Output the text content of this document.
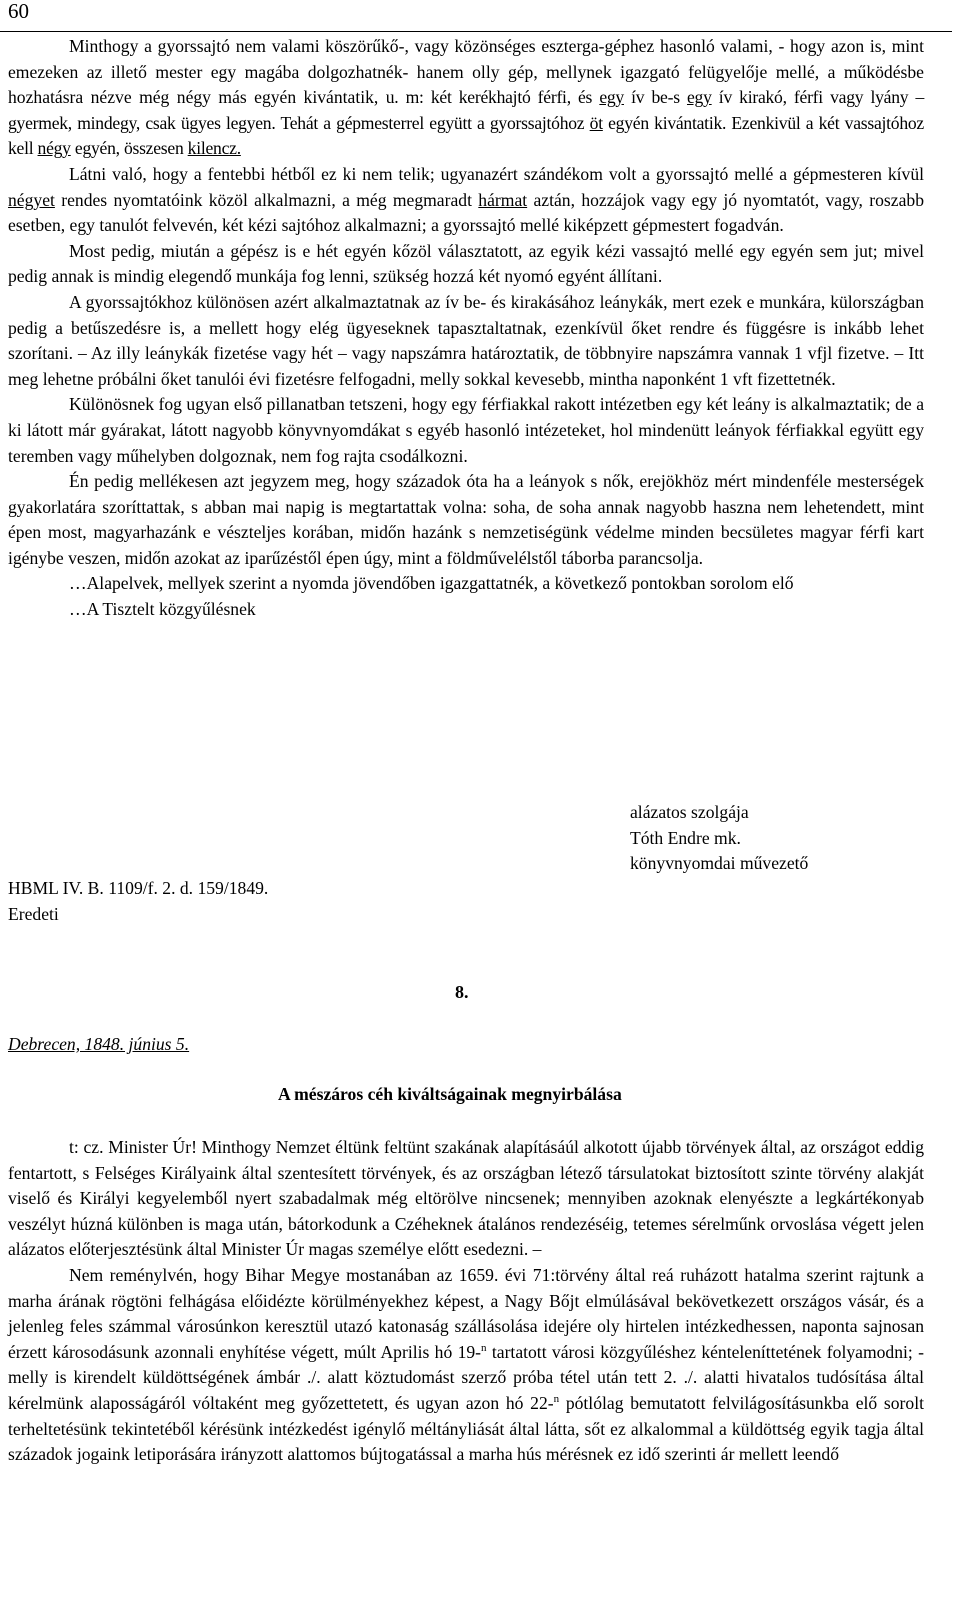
60

Minthogy a gyorssajtó nem valami köszörűkő-, vagy közönséges eszterga-géphez hasonló valami, - hogy azon is, mint emezeken az illető mester egy magába dolgozhatnék- hanem olly gép, mellynek igazgató felügyelője mellé, a működésbe hozhatásra nézve még négy más egyén kivántatik, u. m: két kerékhajtó férfi, és egy ív be-s egy ív kirakó, férfi vagy lyány – gyermek, mindegy, csak ügyes legyen. Tehát a gépmesterrel együtt a gyorssajtóhoz öt egyén kivántatik. Ezenkivül a két vassajtóhoz kell négy egyén, összesen kilencz.

Látni való, hogy a fentebbi hétből ez ki nem telik; ugyanazért szándékom volt a gyorssajtó mellé a gépmesteren kívül négyet rendes nyomtatóink közöl alkalmazni, a még megmaradt hármat aztán, hozzájok vagy egy jó nyomtatót, vagy, roszabb esetben, egy tanulót felvevén, két kézi sajtóhoz alkalmazni; a gyorssajtó mellé kiképzett gépmestert fogadván.

Most pedig, miután a gépész is e hét egyén kőzöl választatott, az egyik kézi vassajtó mellé egy egyén sem jut; mivel pedig annak is mindig elegendő munkája fog lenni, szükség hozzá két nyomó egyént állítani.

A gyorssajtókhoz különösen azért alkalmaztatnak az ív be- és kirakásához leánykák, mert ezek e munkára, külországban pedig a betűszedésre is, a mellett hogy elég ügyeseknek tapasztaltatnak, ezenkívül őket rendre és függésre is inkább lehet szorítani. – Az illy leánykák fizetése vagy hét – vagy napszámra határoztatik, de többnyire napszámra vannak 1 vfjl fizetve. – Itt meg lehetne próbálni őket tanulói évi fizetésre felfogadni, melly sokkal kevesebb, mintha naponként 1 vft fizettetnék.

Különösnek fog ugyan első pillanatban tetszeni, hogy egy férfiakkal rakott intézetben egy két leány is alkalmaztatik; de a ki látott már gyárakat, látott nagyobb könyvnyomdákat s egyéb hasonló intézeteket, hol mindenütt leányok férfiakkal együtt egy teremben vagy műhelyben dolgoznak, nem fog rajta csodálkozni.

Én pedig mellékesen azt jegyzem meg, hogy századok óta ha a leányok s nők, erejökhöz mért mindenféle mesterségek gyakorlatára szoríttattak, s abban mai napig is megtartattak volna: soha, de soha annak nagyobb haszna nem lehetendett, mint épen most, magyarhazánk e vészteljes korában, midőn hazánk s nemzetiségünk védelme minden becsületes magyar férfi kart igénybe veszen, midőn azokat az iparűzéstől épen úgy, mint a földművelélstől táborba parancsolja.

…Alapelvek, mellyek szerint a nyomda jövendőben igazgattatnék, a következő pontokban sorolom elő

…A Tisztelt közgyűlésnek

alázatos szolgája
Tóth Endre mk.
könyvnyomdai művezető
HBML IV. B. 1109/f. 2. d. 159/1849.
Eredeti
8.
Debrecen, 1848. június 5.
A mészáros céh kiváltságainak megnyirbálása

t: cz. Minister Úr! Minthogy Nemzet éltünk feltünt szakának alapításáúl alkotott újabb törvények által, az országot eddig fentartott, s Felséges Királyaink által szentesített törvények, és az országban létező társulatokat biztosított szinte törvény alakját viselő és Királyi kegyelemből nyert szabadalmak még eltörölve nincsenek; mennyiben azoknak elenyészte a legkártékonyab veszélyt húzná különben is maga után, bátorkodunk a Czéheknek átalános rendezéséig, tetemes sérelműnk orvoslása végett jelen alázatos előterjesztésünk által Minister Úr magas személye előtt esedezni. –

Nem reménylvén, hogy Bihar Megye mostanában az 1659. évi 71:törvény által reá ruházott hatalma szerint rajtunk a marha árának rögtöni felhágása előidézte körülményekhez képest, a Nagy Bőjt elmúlásával bekövetkezett országos vásár, és a jelenleg feles számmal városúnkon keresztül utazó katonaság szállásolása idejére oly hirtelen intézkedhessen, naponta sajnosan érzett károsodásunk azonnali enyhítése végett, múlt Aprilis hó 19-$^n$ tartatott városi közgyűléshez kénteleníttetének folyamodni; - melly is kirendelt küldöttségének ámbár ./. alatt köztudomást szerző próba tétel után tett 2. ./. alatti hivatalos tudósítása által kérelmünk alaposságáról vóltaként meg győzettetett, és ugyan azon hó 22-$^n$ pótlólag bemutatott felvilágosításunkba elő sorolt terheltetésünk tekintetéből kérésünk intézkedést igénylő méltányliását által látta, sőt ez alkalommal a küldöttség egyik tagja által századok jogaink letiporására irányzott alattomos bújtogatással a marha hús mérésnek ez idő szerinti ár mellett leendő
